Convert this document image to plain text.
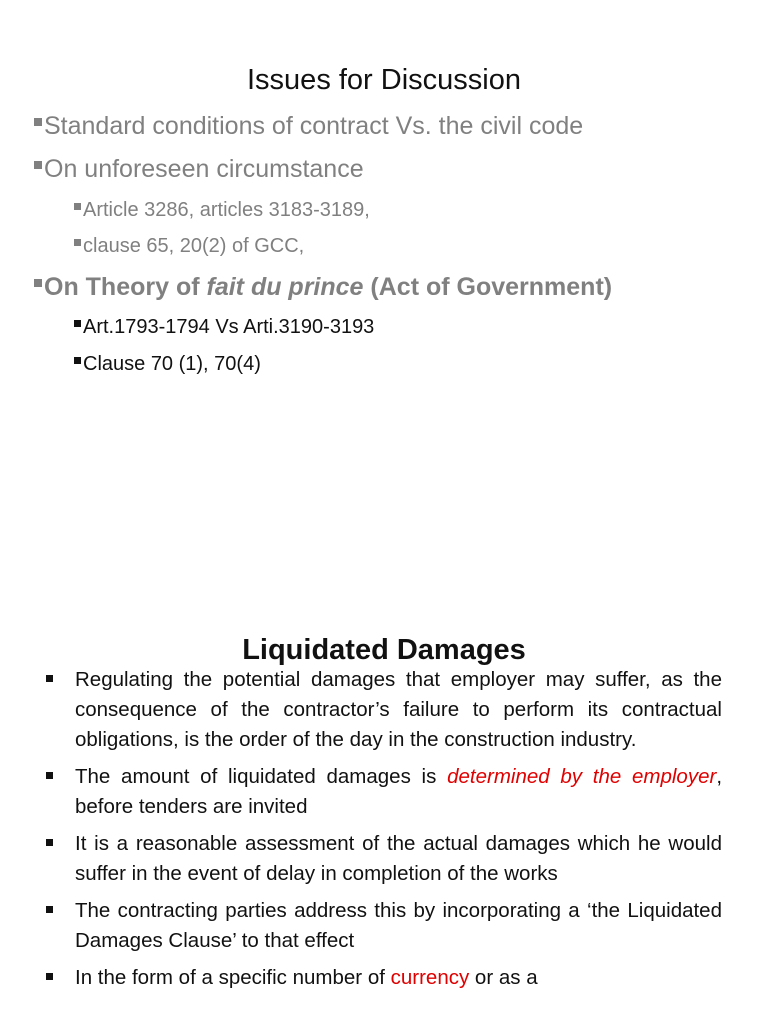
Issues for Discussion
Standard conditions of contract Vs. the civil code
On unforeseen circumstance
Article 3286, articles 3183-3189,
clause 65, 20(2) of GCC,
On Theory of fait du prince (Act of Government)
Art.1793-1794 Vs Arti.3190-3193
Clause 70 (1), 70(4)
Liquidated Damages
Regulating the potential damages that employer may suffer, as the consequence of the contractor’s failure to perform its contractual obligations, is the order of the day in the construction industry.
The amount of liquidated damages is determined by the employer, before tenders are invited
It is a reasonable assessment of the actual damages which he would suffer in the event of delay in completion of the works
The contracting parties address this by incorporating a ‘the Liquidated Damages Clause’ to that effect
In the form of a specific number of currency or as a
